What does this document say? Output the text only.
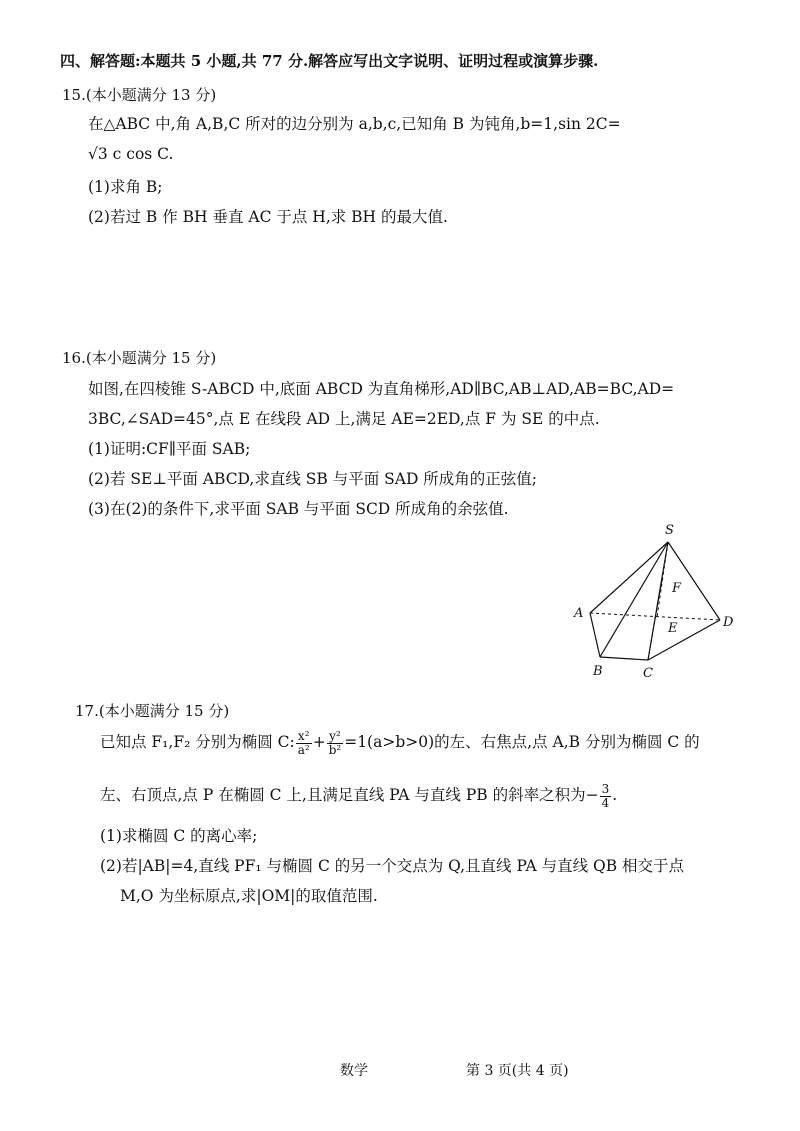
四、解答题:本题共 5 小题,共 77 分.解答应写出文字说明、证明过程或演算步骤.
15.(本小题满分 13 分)
在△ABC 中,角 A,B,C 所对的边分别为 a,b,c,已知角 B 为钝角,b=1,sin 2C=
√3 c cos C.
(1)求角 B;
(2)若过 B 作 BH 垂直 AC 于点 H,求 BH 的最大值.
16.(本小题满分 15 分)
如图,在四棱锥 S-ABCD 中,底面 ABCD 为直角梯形,AD∥BC,AB⊥AD,AB=BC,AD=
3BC,∠SAD=45°,点 E 在线段 AD 上,满足 AE=2ED,点 F 为 SE 的中点.
(1)证明:CF∥平面 SAB;
(2)若 SE⊥平面 ABCD,求直线 SB 与平面 SAD 所成角的正弦值;
(3)在(2)的条件下,求平面 SAB 与平面 SCD 所成角的余弦值.
S
A
B	C
D
E
F
17.(本小题满分 15 分)
已知点 F₁,F₂ 分别为椭圆 C: $\frac{\text{x²}}{\text{a²}} + \frac{\text{y²}}{\text{b²}} =1(a>b>0)$的左、右焦点,点 A,B 分别为椭圆 C 的
左、右顶点,点 P 在椭圆 C 上,且满足直线 PA 与直线 PB 的斜率之积为− $\frac{3}{4}$ .
(1)求椭圆 C 的离心率;
(2)若|AB|=4,直线 PF₁ 与椭圆 C 的另一个交点为 Q,且直线 PA 与直线 QB 相交于点
M,O 为坐标原点,求|OM|的取值范围.
数学	第 3 页(共 4 页)
